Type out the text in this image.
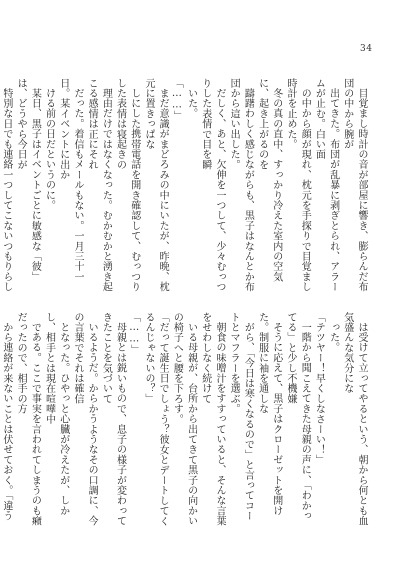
34

目覚まし時計の音が部屋に響き、膨らんだ布団の中から腕が

出てきた。布団が乱暴に剥ぎとられ、アラームが止む。白い面

の中から顔が現れ、枕元を手探りで目覚まし時計を止めた。

冬の真の直中、すっかり冷えた室内の空気に、起き上がるのを

躊躇わしく感じながらも、黒子はなんとか布団から這い出した。

だしく、あと、欠伸を一つして、少々むっつりした表情で目を瞬

いた。

「……」

まだ意識がまどろみの中にいたが、昨晩、枕元に置きっぱな

しにした携帯電話を開き確認して、むっつりした表情は寝起きの

理由だけではなくなった。むかむかと湧き起こる感情は正にそれ

だった。着信もメールもない。一月三十一日。某イベントに出か

ける前の日だというのに。

某日、黒子はイベントごとに敏感な「彼」は、どうやら今日が

特別な日でも連絡一つしてこないつもりらし

は受けて立ってやるという、朝から何とも血気盛んな気分にな

った。

「テツヤー！早くしなさーい！」

一階から聞こえてきた母親の声に、「わかってる」と少し不機嫌

そうに応えて、黒子はクローゼットを開けた。制服に袖を通しな

がら、「今日は寒くなるので」と言ってコートとマフラーを選ぶ。

朝食の味噌汁をすすっていると、そんな言葉をせわしなく続けて

いる母親が、台所から出てきて黒子の向かいの椅子へと腰を下ろす。

「だって誕生日でしょう？彼女とデートしてくるんじゃないの？」

「……」

母親とは鋭いもので、息子の様子が変わってきたことを気づいて

いるようだ。からかうようなその口調に、今の言葉でそれは確信

となった。ひやっと心臓が冷えたが、しかし、相手とは現在喧嘩中

である。ここで事実を言われてしまうのも癪だったので、相手の方

から連絡が来ないことは伏せておく。「違う
